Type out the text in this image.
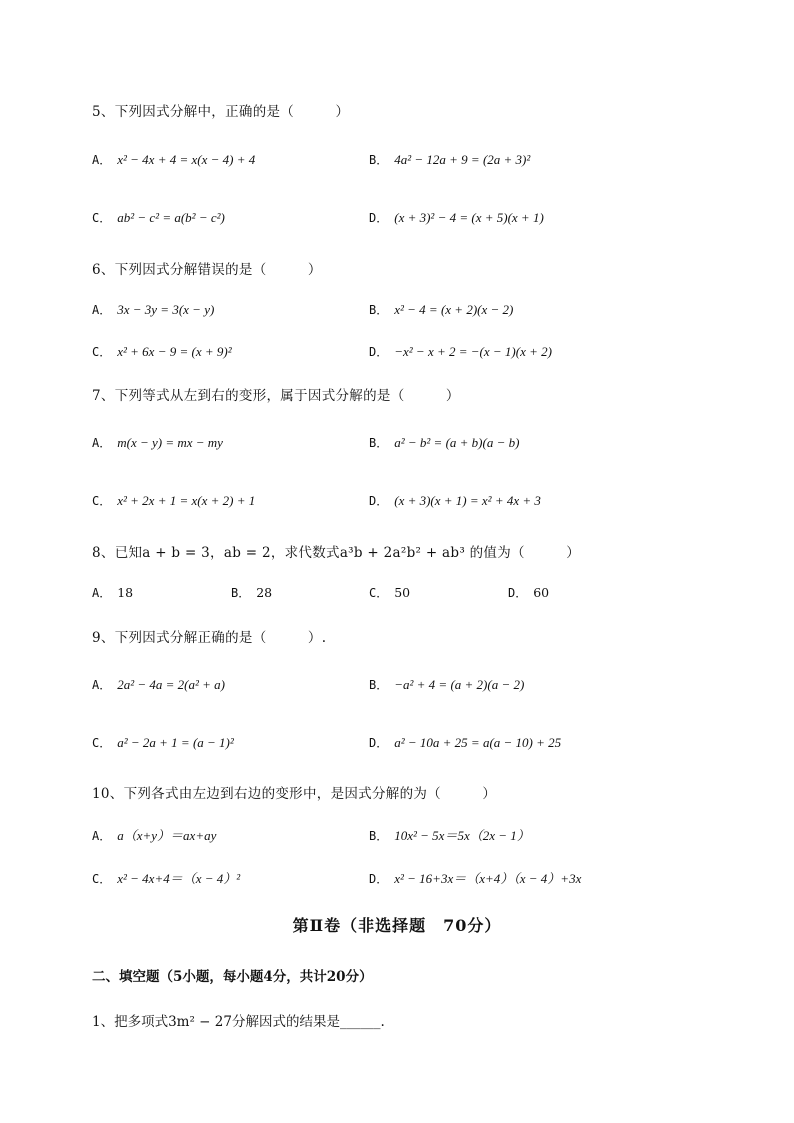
5、下列因式分解中，正确的是（　　　）
A． x² − 4x + 4 = x(x − 4) + 4	B． 4a² − 12a + 9 = (2a + 3)²
C． ab² − c² = a(b² − c²)	D． (x + 3)² − 4 = (x + 5)(x + 1)
6、下列因式分解错误的是（　　　）
A． 3x − 3y = 3(x − y)	B． x² − 4 = (x + 2)(x − 2)
C． x² + 6x − 9 = (x + 9)²	D． −x² − x + 2 = −(x − 1)(x + 2)
7、下列等式从左到右的变形，属于因式分解的是（　　　）
A． m(x − y) = mx − my	B． a² − b² = (a + b)(a − b)
C． x² + 2x + 1 = x(x + 2) + 1	D． (x + 3)(x + 1) = x² + 4x + 3
8、已知a + b = 3，ab = 2，求代数式a³b + 2a²b² + ab³ 的值为（　　　）
A． 18	B． 28	C． 50	D． 60
9、下列因式分解正确的是（　　　）.
A． 2a² − 4a = 2(a² + a)	B． −a² + 4 = (a + 2)(a − 2)
C． a² − 2a + 1 = (a − 1)²	D． a² − 10a + 25 = a(a − 10) + 25
10、下列各式由左边到右边的变形中，是因式分解的为（　　　）
A． a（x+y）＝ax+ay	B． 10x² − 5x＝5x（2x − 1）
C． x² − 4x+4＝（x − 4）²	D． x² − 16+3x＝（x+4）（x − 4）+3x
第Ⅱ卷（非选择题　70分）
二、填空题（5小题，每小题4分，共计20分）
1、把多项式3m² − 27分解因式的结果是______.
